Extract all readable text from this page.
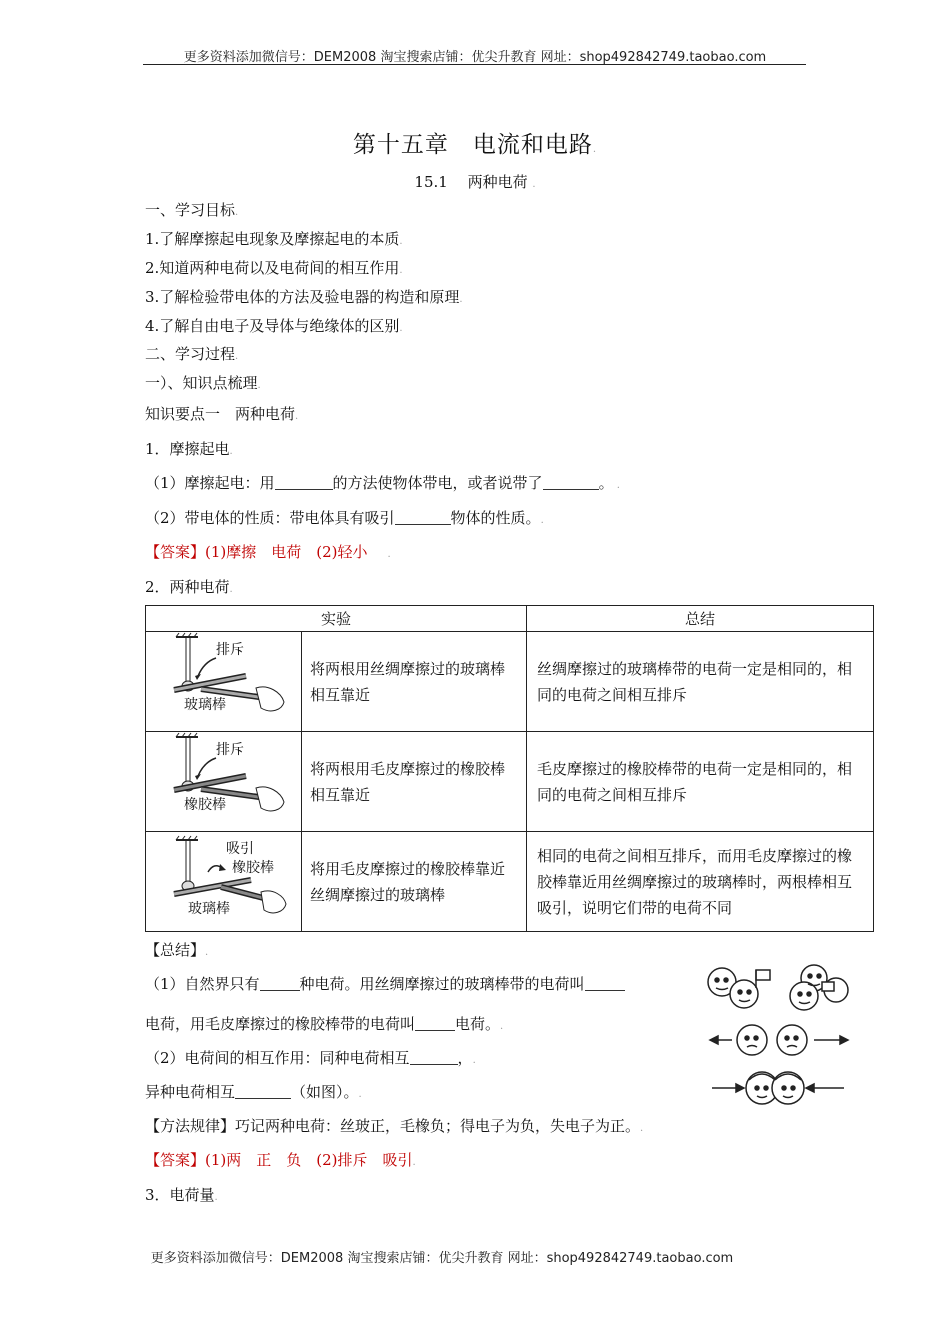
更多资料添加微信号：DEM2008 淘宝搜索店铺：优尖升教育 网址：shop492842749.taobao.com
更多资料添加微信号：DEM2008 淘宝搜索店铺：优尖升教育 网址：shop492842749.taobao.com
第十五章　电流和电路.
15.1　 两种电荷 .
一、学习目标.
1.了解摩擦起电现象及摩擦起电的本质.
2.知道两种电荷以及电荷间的相互作用.
3.了解检验带电体的方法及验电器的构造和原理.
4.了解自由电子及导体与绝缘体的区别.
二、学习过程.
一）、知识点梳理.
知识要点一　两种电荷.
1．摩擦起电.
（1）摩擦起电：用	的方法使物体带电，或者说带了	。 .
（2）带电体的性质：带电体具有吸引	物体的性质。.
【答案】(1)摩擦　电荷　(2)轻小　　.
2．两种电荷.
实验		总结

排斥
玻璃棒	将两根用丝绸摩擦过的玻璃棒相互靠近	丝绸摩擦过的玻璃棒带的电荷一定是相同的，相同的电荷之间相互排斥

排斥
橡胶棒	将两根用毛皮摩擦过的橡胶棒相互靠近	毛皮摩擦过的橡胶棒带的电荷一定是相同的，相同的电荷之间相互排斥

吸引
橡胶棒
玻璃棒	将用毛皮摩擦过的橡胶棒靠近丝绸摩擦过的玻璃棒	相同的电荷之间相互排斥，而用毛皮摩擦过的橡胶棒靠近用丝绸摩擦过的玻璃棒时，两根棒相互吸引，说明它们带的电荷不同
【总结】.
（1）自然界只有	种电荷。用丝绸摩擦过的玻璃棒带的电荷叫
电荷，用毛皮摩擦过的橡胶棒带的电荷叫	电荷。.
（2）电荷间的相互作用：同种电荷相互	，.
异种电荷相互	（如图）。.
【方法规律】巧记两种电荷：丝玻正，毛橡负；得电子为负，失电子为正。.
【答案】(1)两　正　负　(2)排斥　吸引.
3．电荷量.
